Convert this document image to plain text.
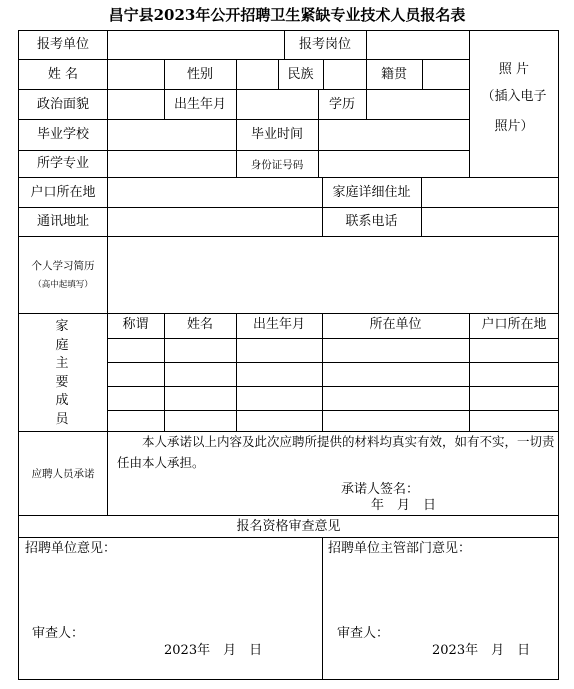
昌宁县2023年公开招聘卫生紧缺专业技术人员报名表
报考单位	报考岗位
照 片
（插入电子
照片）
姓 名	性别	民族	籍贯
政治面貌	出生年月	学历
毕业学校	毕业时间
所学专业	身份证号码
户口所在地	家庭详细住址
通讯地址	联系电话
个人学习简历
（高中起填写）
家庭主要成员
称谓	姓名	出生年月	所在单位	户口所在地
应聘人员承诺
本人承诺以上内容及此次应聘所提供的材料均真实有效，如有不实，一切责任由本人承担。
承诺人签名：
年　月　日
报名资格审查意见
招聘单位意见：	招聘单位主管部门意见：
审查人：	审查人：
2023年　月　日	2023年　月　日
